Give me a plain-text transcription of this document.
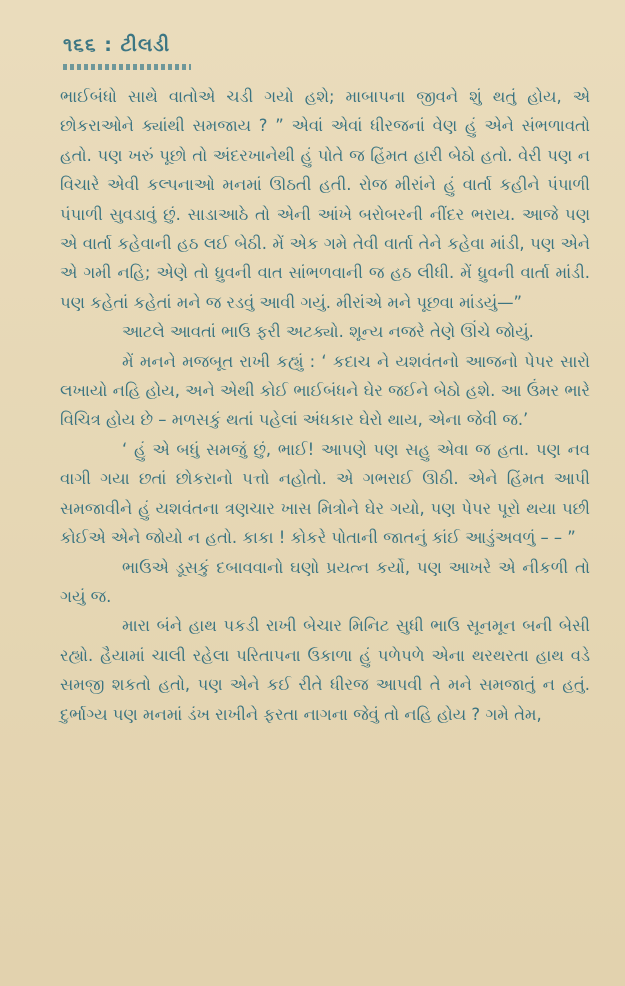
૧૬૬ : ટીલડી

ભાઈબંધો સાથે વાતોએ ચડી ગયો હશે; માબાપના જીવને શું થતું હોય, એ છોકરાઓને ક્યાંથી સમજાય ? ” એવાં એવાં ધીરજનાં વેણ હું એને સંભળાવતો હતો. પણ ખરું પૂછો તો અંદરખાનેથી હું પોતે જ હિંમત હારી બેઠો હતો. વેરી પણ ન વિચારે એવી કલ્પનાઓ મનમાં ઊઠતી હતી. રોજ મીરાંને હું વાર્તા કહીને પંપાળી પંપાળી સુવડાવું છું. સાડાઆઠે તો એની આંખે બરોબરની નીંદર ભરાય. આજે પણ એ વાર્તા કહેવાની હઠ લઈ બેઠી. મેં એક ગમે તેવી વાર્તા તેને કહેવા માંડી, પણ એને એ ગમી નહિ; એણે તો ધ્રુવની વાત સાંભળવાની જ હઠ લીધી. મેં ધ્રુવની વાર્તા માંડી. પણ કહેતાં કહેતાં મને જ રડવું આવી ગયું. મીરાંએ મને પૂછવા માંડયું—”

આટલે આવતાં ભાઉ ફરી અટક્યો. શૂન્ય નજરે તેણે ઊંચે જોયું.

મેં મનને મજબૂત રાખી કહ્યું : ‘ કદાચ ને યશવંતનો આજનો પેપર સારો લખાયો નહિ હોય, અને એથી કોઈ ભાઈબંધને ઘેર જઈને બેઠો હશે. આ ઉંમર ભારે વિચિત્ર હોય છે – મળસકું થતાં પહેલાં અંધકાર ઘેરો થાય, એના જેવી જ.’

‘ હું એ બધું સમજું છું, ભાઈ! આપણે પણ સહુ એવા જ હતા. પણ નવ વાગી ગયા છતાં છોકરાનો પત્તો નહોતો. એ ગભરાઈ ઊઠી. એને હિંમત આપી સમજાવીને હું યશવંતના ત્રણચાર ખાસ મિત્રોને ઘેર ગયો, પણ પેપર પૂરો થયા પછી કોઈએ એને જોયો ન હતો. કાકા ! કોકરે પોતાની જાતનું કાંઈ આડુંઅવળું – – ”

ભાઉએ ડૂસકું દબાવવાનો ઘણો પ્રયત્ન કર્યો, પણ આખરે એ નીકળી તો ગયું જ.

મારા બંને હાથ પકડી રાખી બેચાર મિનિટ સુધી ભાઉ સૂનમૂન બની બેસી રહ્યો. હૈયામાં ચાલી રહેલા પરિતાપના ઉકાળા હું પળેપળે એના થરથરતા હાથ વડે સમજી શકતો હતો, પણ એને કઈ રીતે ધીરજ આપવી તે મને સમજાતું ન હતું. દુર્ભાગ્ય પણ મનમાં ડંખ રાખીને ફરતા નાગના જેવું તો નહિ હોય ? ગમે તેમ,
